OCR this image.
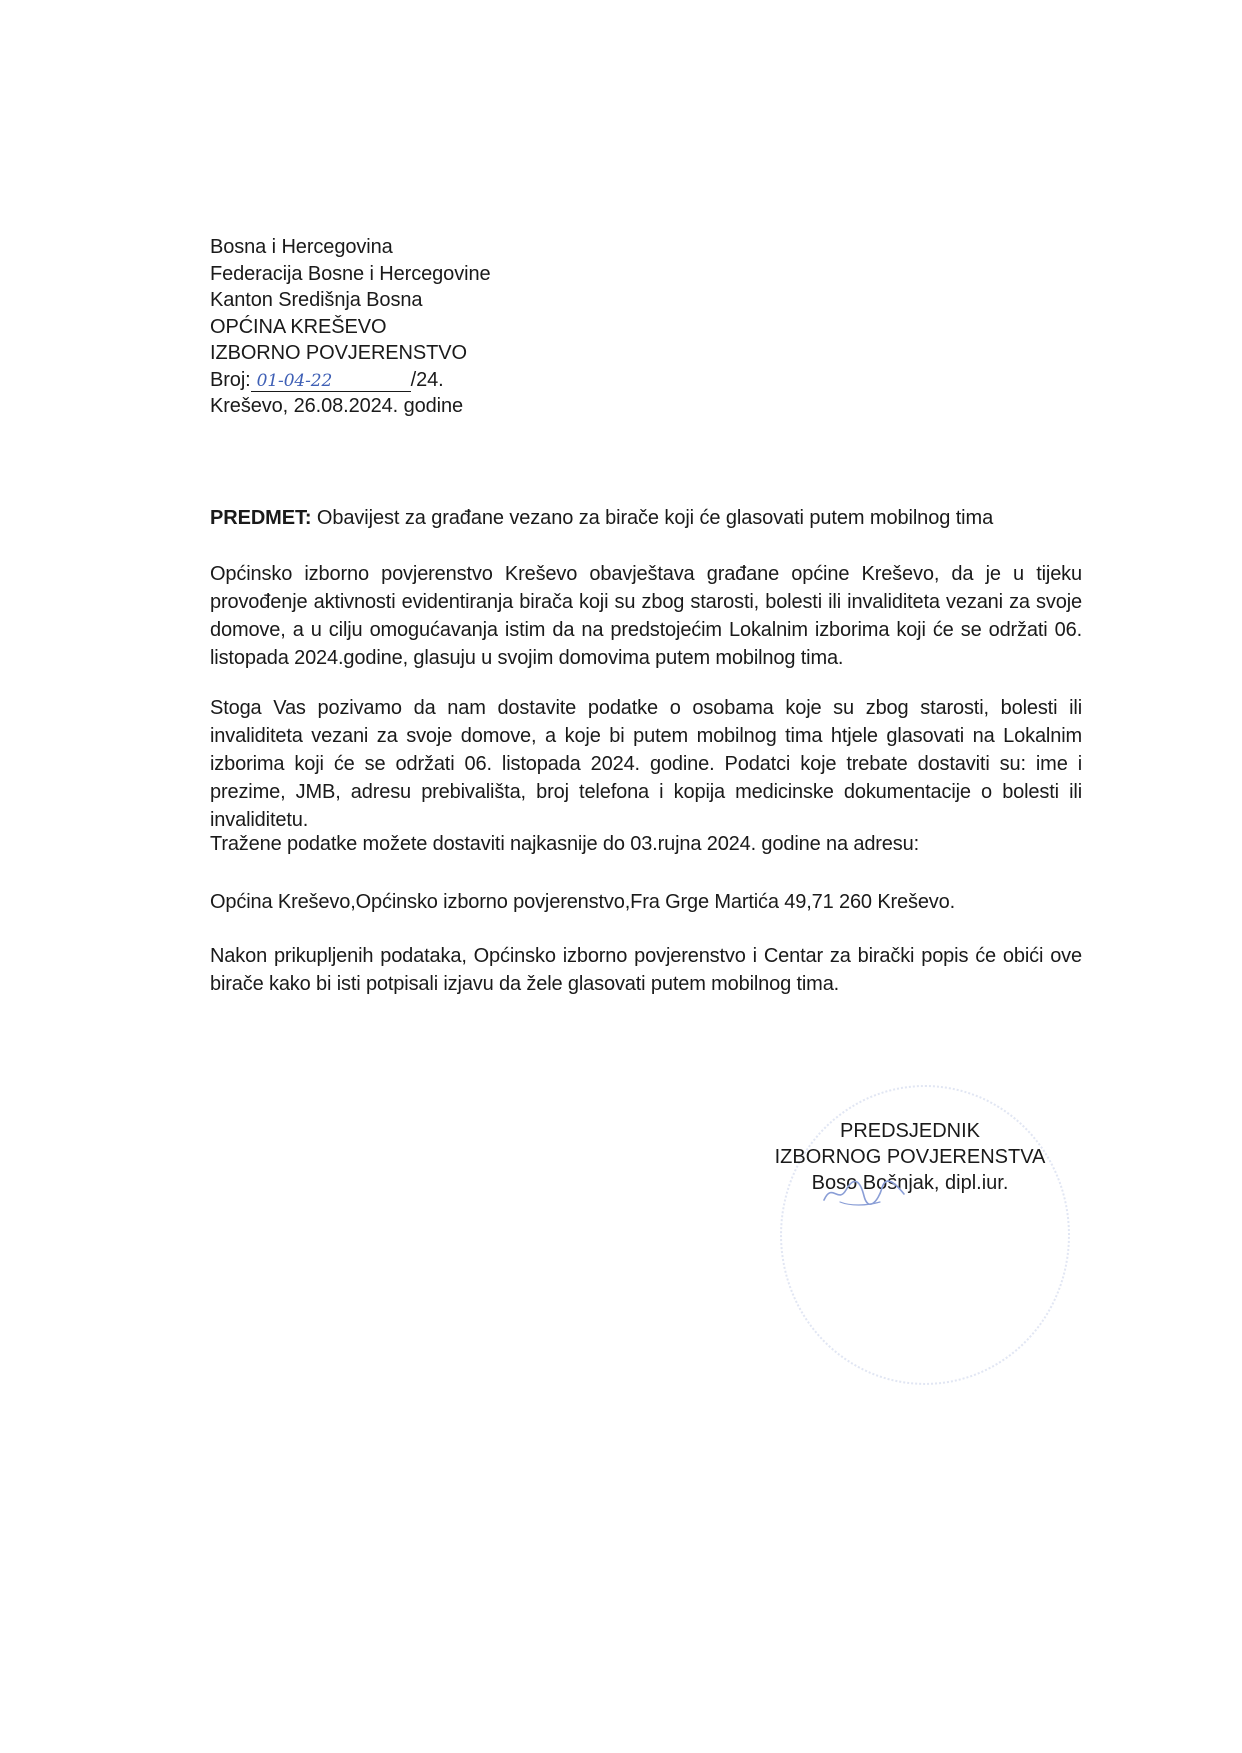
Bosna i Hercegovina
Federacija Bosne i Hercegovine
Kanton Središnja Bosna
OPĆINA KREŠEVO
IZBORNO POVJERENSTVO
Broj: 01-04-22	/24.
Kreševo, 26.08.2024. godine
PREDMET: Obavijest za građane vezano za birače koji će glasovati putem mobilnog tima
Općinsko izborno povjerenstvo Kreševo obavještava građane općine Kreševo, da je u tijeku provođenje aktivnosti evidentiranja birača koji su zbog starosti, bolesti ili invaliditeta vezani za svoje domove, a u cilju omogućavanja istim da na predstojećim Lokalnim izborima koji će se održati 06. listopada 2024.godine, glasuju u svojim domovima putem mobilnog tima.
Stoga Vas pozivamo da nam dostavite podatke o osobama koje su zbog starosti, bolesti ili invaliditeta vezani za svoje domove, a koje bi putem mobilnog tima htjele glasovati na Lokalnim izborima koji će se održati 06. listopada 2024. godine. Podatci koje trebate dostaviti su: ime i prezime, JMB, adresu prebivališta, broj telefona i kopija medicinske dokumentacije o bolesti ili invaliditetu.
Tražene podatke možete dostaviti najkasnije do 03.rujna 2024. godine na adresu:
Općina Kreševo,Općinsko izborno povjerenstvo,Fra Grge Martića 49,71 260 Kreševo.
Nakon prikupljenih podataka, Općinsko izborno povjerenstvo i Centar za birački popis će obići ove birače kako bi isti potpisali izjavu da žele glasovati putem mobilnog tima.
PREDSJEDNIK
IZBORNOG POVJERENSTVA
Boso Bošnjak, dipl.iur.
